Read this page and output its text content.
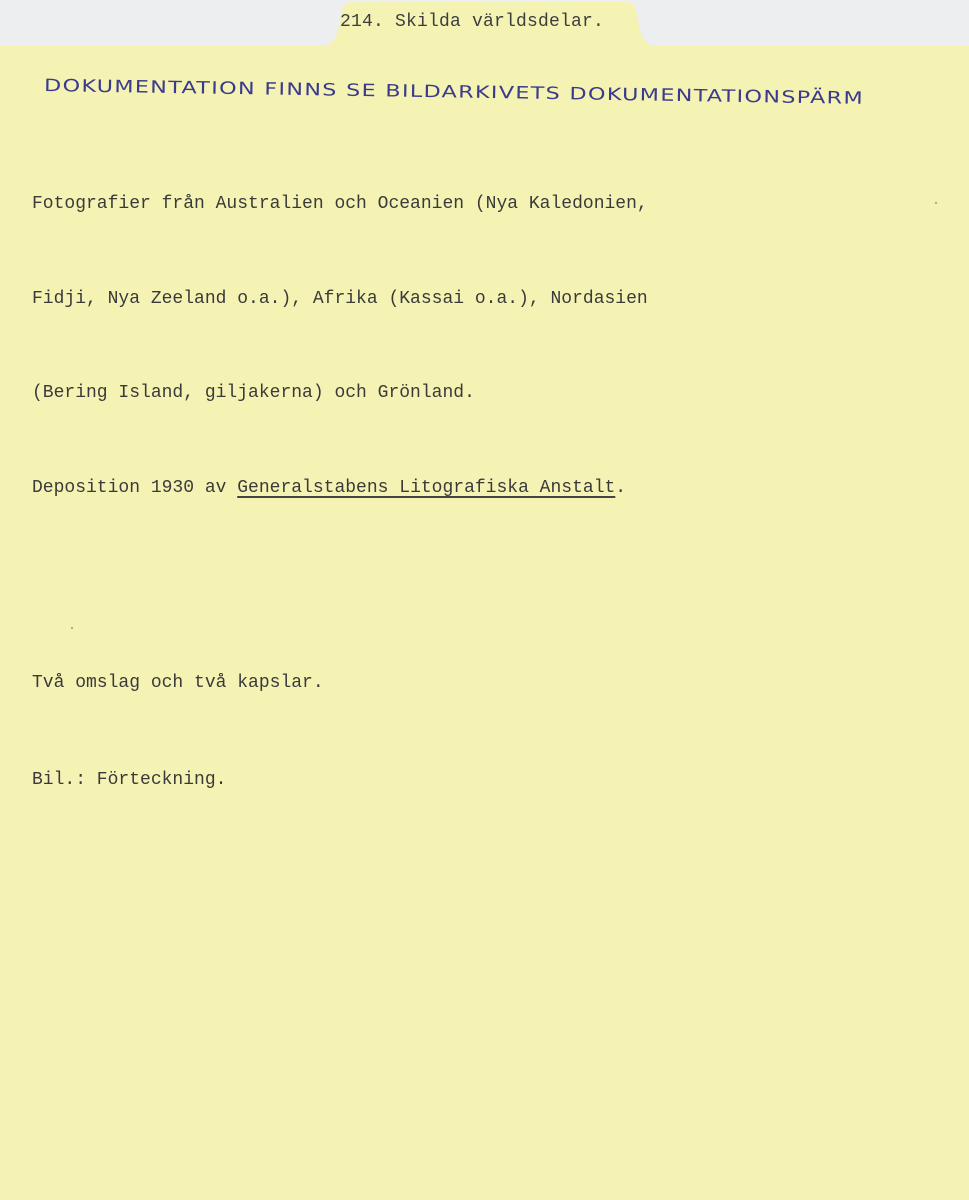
214. Skilda världsdelar.
DOKUMENTATION FINNS SE BILDARKIVETS DOKUMENTATIONSPÄRM

Fotografier från Australien och Oceanien (Nya Kaledonien,

Fidji, Nya Zeeland o.a.), Afrika (Kassai o.a.), Nordasien

(Bering Island, giljakerna) och Grönland.

Deposition 1930 av Generalstabens Litografiska Anstalt.

Två omslag och två kapslar.

Bil.: Förteckning.
